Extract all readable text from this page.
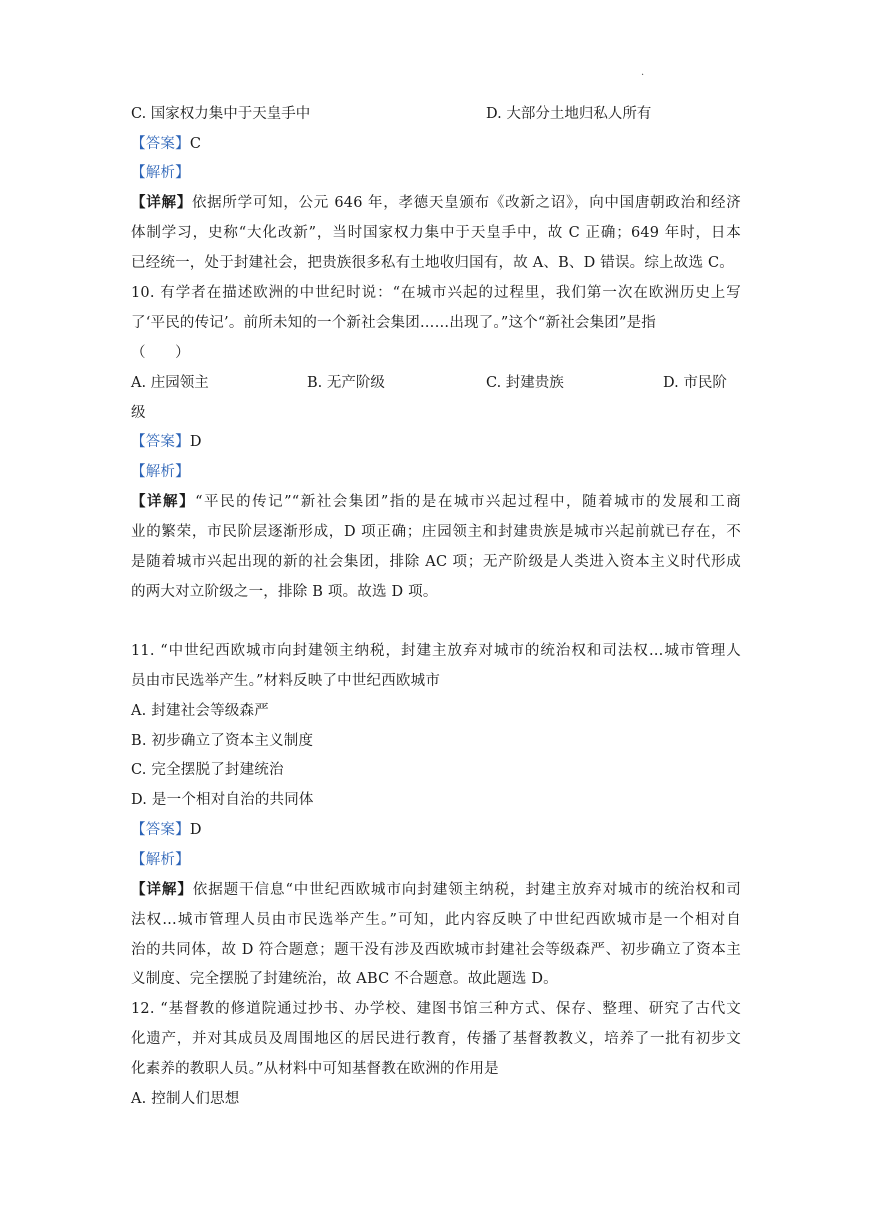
·
C. 国家权力集中于天皇手中	D. 大部分土地归私人所有
【答案】C
【解析】
【详解】依据所学可知，公元 646 年，孝德天皇颁布《改新之诏》，向中国唐朝政治和经济
体制学习，史称“大化改新”，当时国家权力集中于天皇手中，故 C 正确；649 年时，日本
已经统一，处于封建社会，把贵族很多私有土地收归国有，故 A、B、D 错误。综上故选 C。
10. 有学者在描述欧洲的中世纪时说：“在城市兴起的过程里，我们第一次在欧洲历史上写
了‘平民的传记’。前所未知的一个新社会集团……出现了。”这个“新社会集团”是指
（　　）
A. 庄园领主	B. 无产阶级	C. 封建贵族	D. 市民阶
级
【答案】D
【解析】
【详解】“平民的传记”“新社会集团”指的是在城市兴起过程中，随着城市的发展和工商
业的繁荣，市民阶层逐渐形成，D 项正确；庄园领主和封建贵族是城市兴起前就已存在，不
是随着城市兴起出现的新的社会集团，排除 AC 项；无产阶级是人类进入资本主义时代形成
的两大对立阶级之一，排除 B 项。故选 D 项。
11. “中世纪西欧城市向封建领主纳税，封建主放弃对城市的统治权和司法权…城市管理人
员由市民选举产生。”材料反映了中世纪西欧城市
A. 封建社会等级森严
B. 初步确立了资本主义制度
C. 完全摆脱了封建统治
D. 是一个相对自治的共同体
【答案】D
【解析】
【详解】依据题干信息“中世纪西欧城市向封建领主纳税，封建主放弃对城市的统治权和司
法权…城市管理人员由市民选举产生。”可知，此内容反映了中世纪西欧城市是一个相对自
治的共同体，故 D 符合题意；题干没有涉及西欧城市封建社会等级森严、初步确立了资本主
义制度、完全摆脱了封建统治，故 ABC 不合题意。故此题选 D。
12. “基督教的修道院通过抄书、办学校、建图书馆三种方式、保存、整理、研究了古代文
化遗产，并对其成员及周围地区的居民进行教育，传播了基督教教义，培养了一批有初步文
化素养的教职人员。”从材料中可知基督教在欧洲的作用是
A. 控制人们思想
